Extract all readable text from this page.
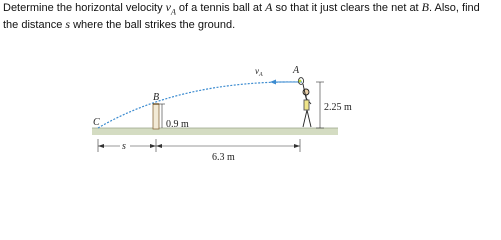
Determine the horizontal velocity $v_A$ of a tennis ball at A so that it just clears the net at B. Also, find
the distance s where the ball strikes the ground.
$v_A$	A
B
C	0.9 m
2.25 m
6.3 m
s
